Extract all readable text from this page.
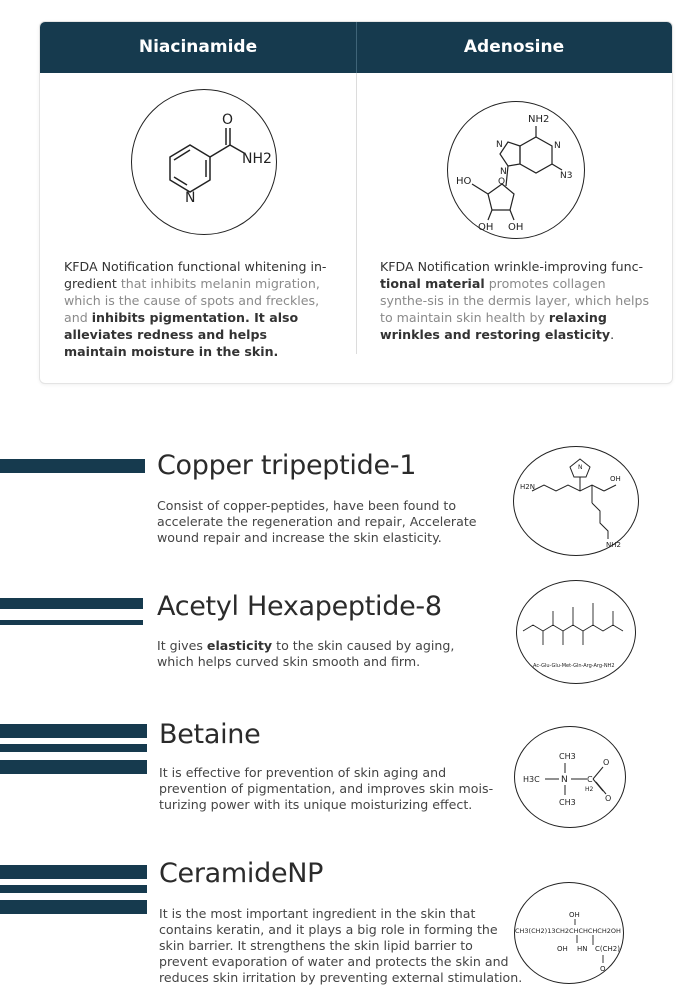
Niacinamide	Adenosine
O
NH2
N
NH2
N
N
N	N3
HO	O
OH OH
KFDA Notification functional whitening in- gredient that inhibits melanin migration, which is the cause of spots and freckles, and inhibits pigmentation. It also alleviates redness and helps maintain moisture in the skin.
KFDA Notification wrinkle-improving func- tional material promotes collagen synthe-sis in the dermis layer, which helps to maintain skin health by relaxing wrinkles and restoring elasticity.
Copper tripeptide-1
Consist of copper-peptides, have been found to accelerate the regeneration and repair, Accelerate wound repair and increase the skin elasticity.
H2N
OH
NH2
N
Acetyl Hexapeptide-8
It gives elasticity to the skin caused by aging, which helps curved skin smooth and firm.	Ac-Glu-Glu-Met-Gln-Arg-Arg-NH2
Betaine
It is effective for prevention of skin aging and prevention of pigmentation, and improves skin mois-turizing power with its unique moisturizing effect.
CH3
H3C N
CH3
C
H2
O
O
CeramideNP
It is the most important ingredient in the skin that contains keratin, and it plays a big role in forming the skin barrier. It strengthens the skin lipid barrier to prevent evaporation of water and protects the skin and reduces skin irritation by preventing external stimulation.
OH
CH3(CH2)13CH2CHCHCHCH2OH
OH HN C(CH2)
O
